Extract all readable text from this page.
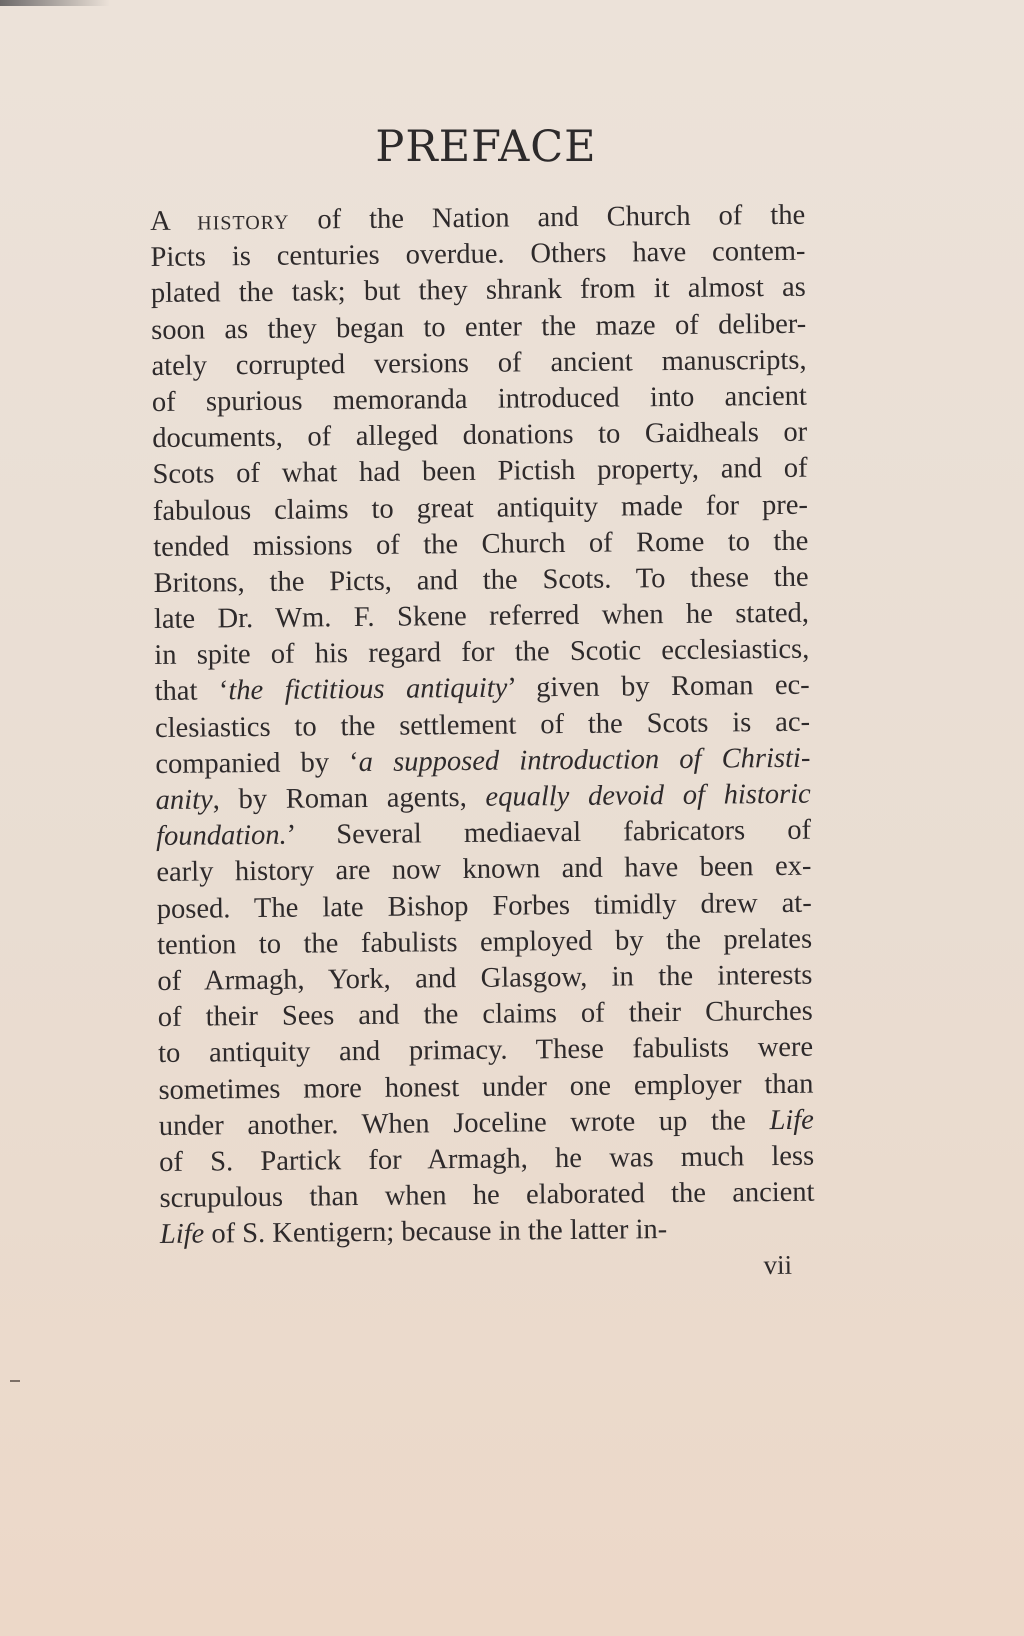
PREFACE
A history of the Nation and Church of the
Picts is centuries overdue. Others have contem-
plated the task; but they shrank from it almost as
soon as they began to enter the maze of deliber-
ately corrupted versions of ancient manuscripts,
of spurious memoranda introduced into ancient
documents, of alleged donations to Gaidheals or
Scots of what had been Pictish property, and of
fabulous claims to great antiquity made for pre-
tended missions of the Church of Rome to the
Britons, the Picts, and the Scots. To these the
late Dr. Wm. F. Skene referred when he stated,
in spite of his regard for the Scotic ecclesiastics,
that ‘the fictitious antiquity’ given by Roman ec-
clesiastics to the settlement of the Scots is ac-
companied by ‘a supposed introduction of Christi-
anity, by Roman agents, equally devoid of historic
foundation.’ Several mediaeval fabricators of
early history are now known and have been ex-
posed. The late Bishop Forbes timidly drew at-
tention to the fabulists employed by the prelates
of Armagh, York, and Glasgow, in the interests
of their Sees and the claims of their Churches
to antiquity and primacy. These fabulists were
sometimes more honest under one employer than
under another. When Joceline wrote up the Life
of S. Partick for Armagh, he was much less
scrupulous than when he elaborated the ancient
Life of S. Kentigern; because in the latter in-
vii
